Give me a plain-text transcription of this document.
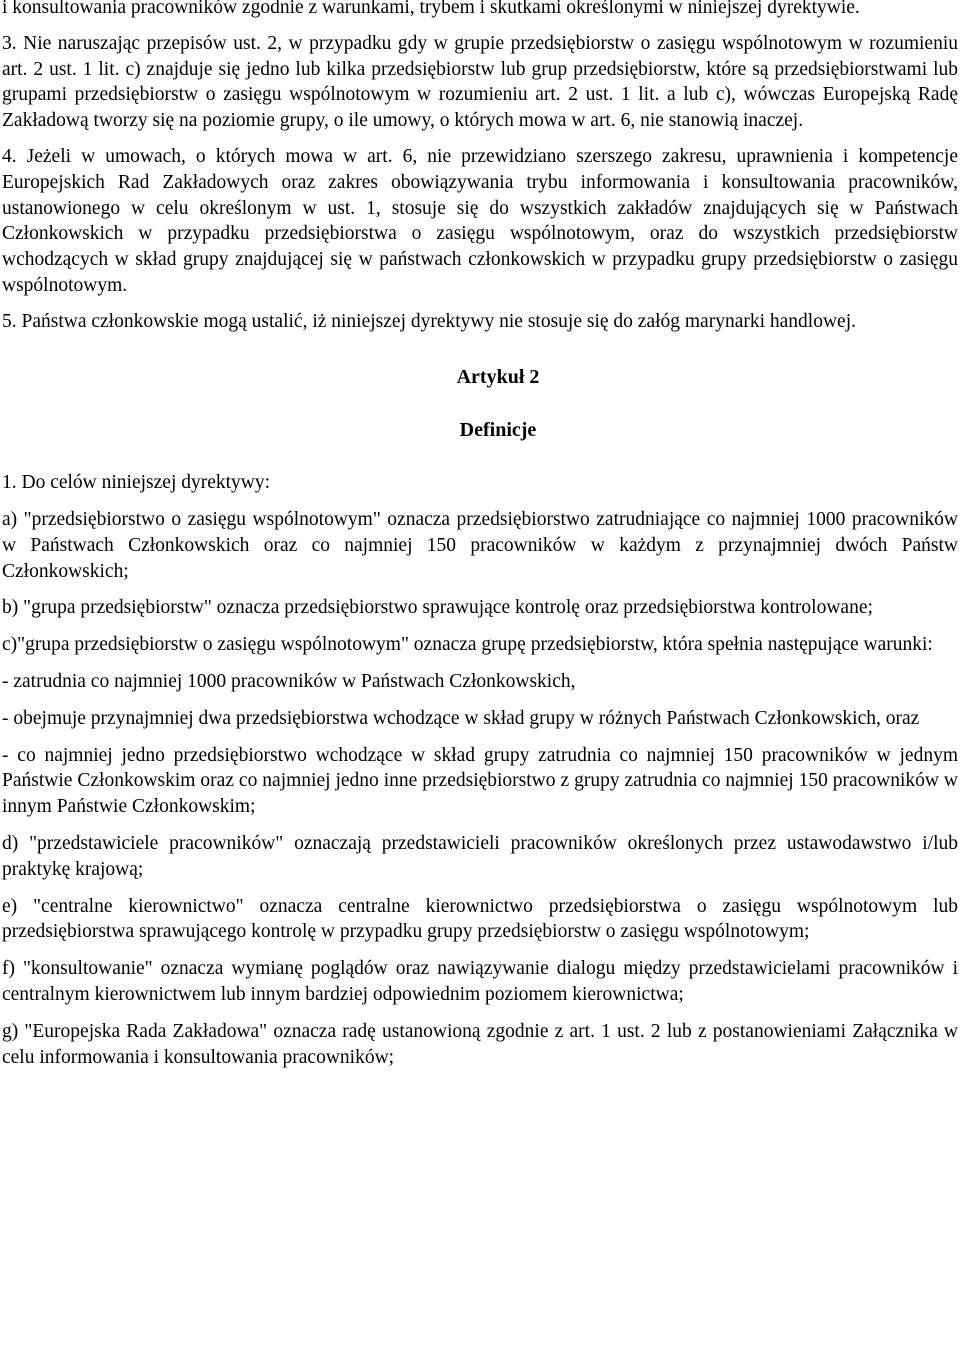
i konsultowania pracowników zgodnie z warunkami, trybem i skutkami określonymi w niniejszej dyrektywie.

3. Nie naruszając przepisów ust. 2, w przypadku gdy w grupie przedsiębiorstw o zasięgu wspólnotowym w rozumieniu art. 2 ust. 1 lit. c) znajduje się jedno lub kilka przedsiębiorstw lub grup przedsiębiorstw, które są przedsiębiorstwami lub grupami przedsiębiorstw o zasięgu wspólnotowym w rozumieniu art. 2 ust. 1 lit. a lub c), wówczas Europejską Radę Zakładową tworzy się na poziomie grupy, o ile umowy, o których mowa w art. 6, nie stanowią inaczej.

4. Jeżeli w umowach, o których mowa w art. 6, nie przewidziano szerszego zakresu, uprawnienia i kompetencje Europejskich Rad Zakładowych oraz zakres obowiązywania trybu informowania i konsultowania pracowników, ustanowionego w celu określonym w ust. 1, stosuje się do wszystkich zakładów znajdujących się w Państwach Członkowskich w przypadku przedsiębiorstwa o zasięgu wspólnotowym, oraz do wszystkich przedsiębiorstw wchodzących w skład grupy znajdującej się w państwach członkowskich w przypadku grupy przedsiębiorstw o zasięgu wspólnotowym.

5. Państwa członkowskie mogą ustalić, iż niniejszej dyrektywy nie stosuje się do załóg marynarki handlowej.

Artykuł 2

Definicje

1. Do celów niniejszej dyrektywy:

a) "przedsiębiorstwo o zasięgu wspólnotowym" oznacza przedsiębiorstwo zatrudniające co najmniej 1000 pracowników w Państwach Członkowskich oraz co najmniej 150 pracowników w każdym z przynajmniej dwóch Państw Członkowskich;

b) "grupa przedsiębiorstw" oznacza przedsiębiorstwo sprawujące kontrolę oraz przedsiębiorstwa kontrolowane;

c)"grupa przedsiębiorstw o zasięgu wspólnotowym" oznacza grupę przedsiębiorstw, która spełnia następujące warunki:

- zatrudnia co najmniej 1000 pracowników w Państwach Członkowskich,

- obejmuje przynajmniej dwa przedsiębiorstwa wchodzące w skład grupy w różnych Państwach Członkowskich, oraz

- co najmniej jedno przedsiębiorstwo wchodzące w skład grupy zatrudnia co najmniej 150 pracowników w jednym Państwie Członkowskim oraz co najmniej jedno inne przedsiębiorstwo z grupy zatrudnia co najmniej 150 pracowników w innym Państwie Członkowskim;

d) "przedstawiciele pracowników" oznaczają przedstawicieli pracowników określonych przez ustawodawstwo i/lub praktykę krajową;

e) "centralne kierownictwo" oznacza centralne kierownictwo przedsiębiorstwa o zasięgu wspólnotowym lub przedsiębiorstwa sprawującego kontrolę w przypadku grupy przedsiębiorstw o zasięgu wspólnotowym;

f) "konsultowanie" oznacza wymianę poglądów oraz nawiązywanie dialogu między przedstawicielami pracowników i centralnym kierownictwem lub innym bardziej odpowiednim poziomem kierownictwa;

g) "Europejska Rada Zakładowa" oznacza radę ustanowioną zgodnie z art. 1 ust. 2 lub z postanowieniami Załącznika w celu informowania i konsultowania pracowników;
